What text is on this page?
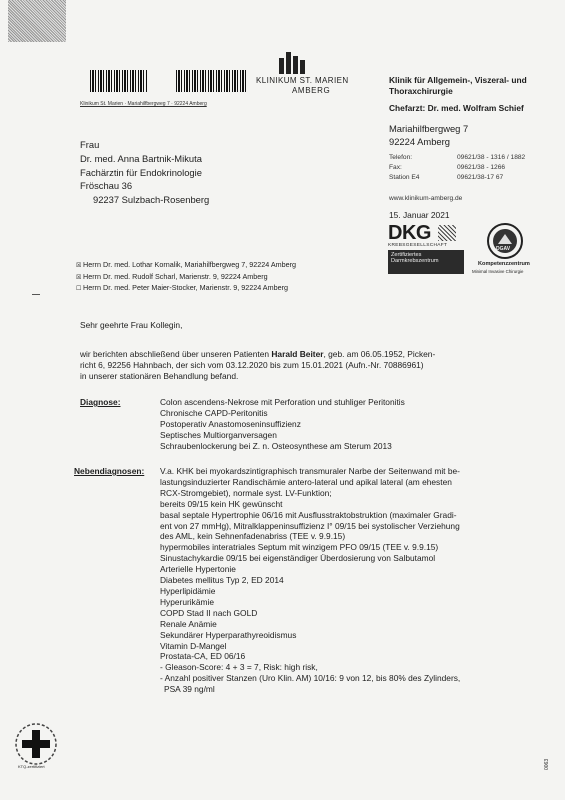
Klinikum St. Marien · Mariahilfbergweg 7 · 92224 Amberg
KLINIKUM ST. MARIEN
AMBERG
Klinik für Allgemein-, Viszeral- und
Thoraxchirurgie
Chefarzt: Dr. med. Wolfram Schief
Mariahilfbergweg 7
92224 Amberg
Telefon:	09621/38 - 1316 / 1882
Fax:	09621/38 - 1266
Station E4	09621/38-17 67
www.klinikum-amberg.de
15. Januar 2021
DKG
KREBSGESELLSCHAFT
Zertifiziertes
Darmkrebszentrum
DGAV
Kompetenzzentrum
Minimal Invasive Chirurgie
Frau
Dr. med. Anna Bartnik-Mikuta
Fachärztin für Endokrinologie
Fröschau 36
92237 Sulzbach-Rosenberg
☒ Herrn Dr. med. Lothar Kornalik, Mariahilfbergweg 7, 92224 Amberg
☒ Herrn Dr. med. Rudolf Scharl, Marienstr. 9, 92224 Amberg
☐ Herrn Dr. med. Peter Maier-Stocker, Marienstr. 9, 92224 Amberg
Sehr geehrte Frau Kollegin,
wir berichten abschließend über unseren Patienten Harald Beiter, geb. am 06.05.1952, Picken-
richt 6, 92256 Hahnbach, der sich vom 03.12.2020 bis zum 15.01.2021 (Aufn.-Nr. 70886961)
in unserer stationären Behandlung befand.
Diagnose:	Colon ascendens-Nekrose mit Perforation und stuhliger Peritonitis
Chronische CAPD-Peritonitis
Postoperativ Anastomoseninsuffizienz
Septisches Multiorganversagen
Schraubenlockerung bei Z. n. Osteosynthese am Sterum 2013
Nebendiagnosen: V.a. KHK bei myokardszintigraphisch transmuraler Narbe der Seitenwand mit be-
lastungsinduzierter Randischämie antero-lateral und apikal lateral (am ehesten
RCX-Stromgebiet), normale syst. LV-Funktion;
bereits 09/15 kein HK gewünscht
basal septale Hypertrophie 06/16 mit Ausflusstraktobstruktion (maximaler Gradi-
ent von 27 mmHg), Mitralklappeninsuffizienz I° 09/15 bei systolischer Verziehung
des AML, kein Sehnenfadenabriss (TEE v. 9.9.15)
hypermobiles interatriales Septum mit winzigem PFO 09/15 (TEE v. 9.9.15)
Sinustachykardie 09/15 bei eigenständiger Überdosierung von Salbutamol
Arterielle Hypertonie
Diabetes mellitus Typ 2, ED 2014
Hyperlipidämie
Hyperurikämie
COPD Stad II nach GOLD
Renale Anämie
Sekundärer Hyperparathyreoidismus
Vitamin D-Mangel
Prostata-CA, ED 06/16
- Gleason-Score: 4 + 3 = 7, Risk: high risk,
- Anzahl positiver Stanzen (Uro Klin. AM) 10/16: 9 von 12, bis 80% des Zylinders,
PSA 39 ng/ml
KTQ-zertifiziert	0063
